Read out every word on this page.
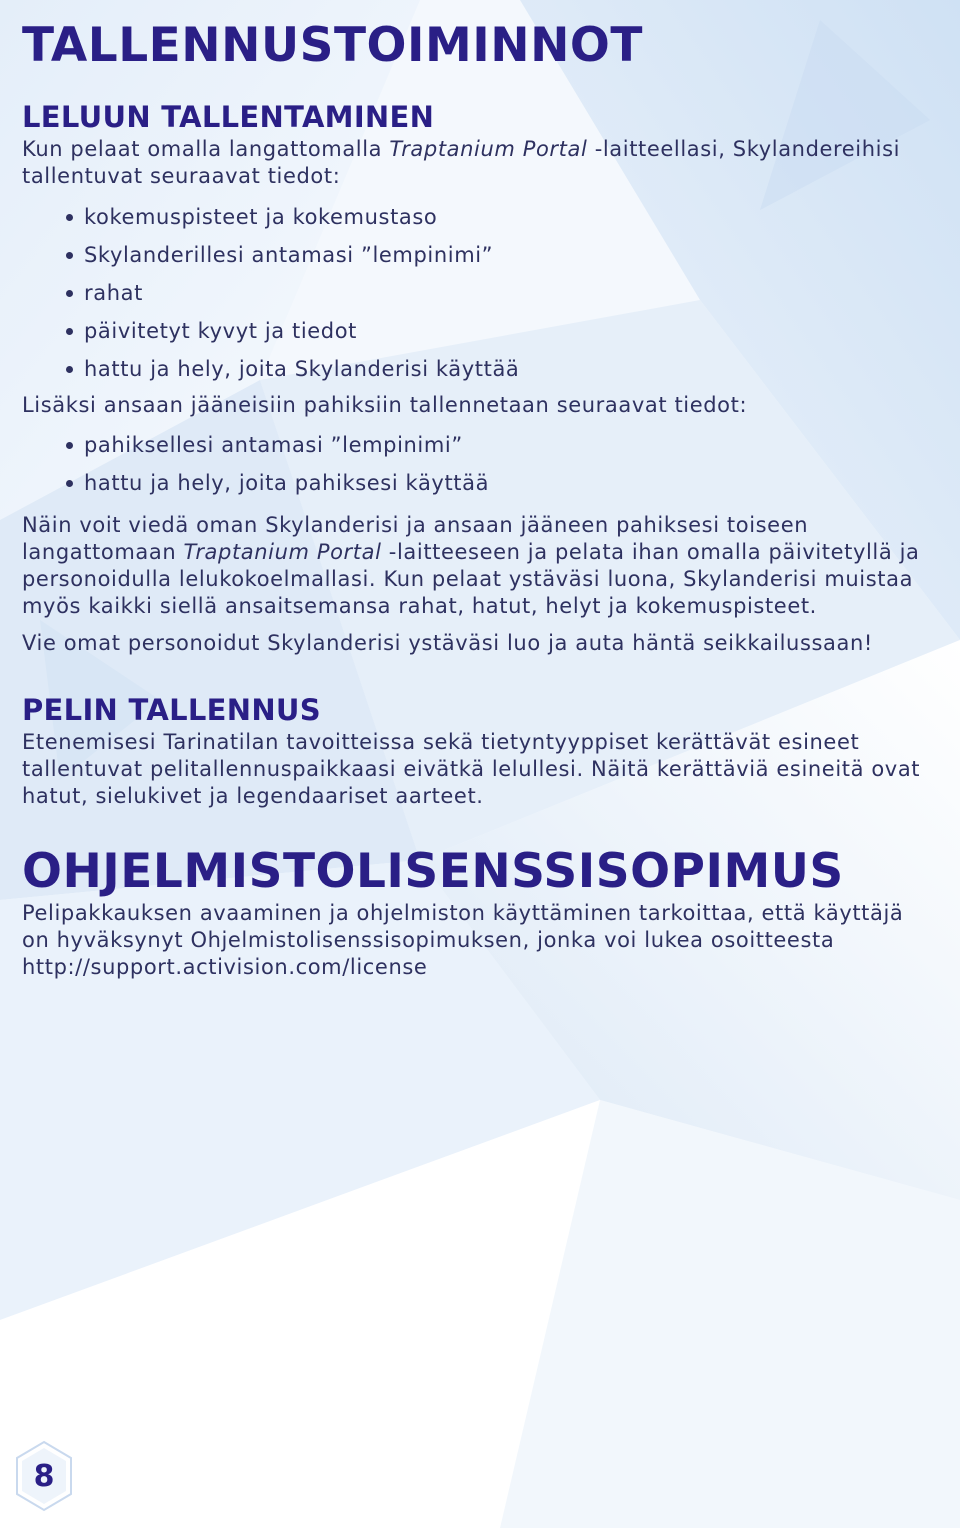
TALLENNUSTOIMINNOT
LELUUN TALLENTAMINEN

Kun pelaat omalla langattomalla Traptanium Portal -laitteellasi, Skylandereihisi tallentuvat seuraavat tiedot:

kokemuspisteet ja kokemustaso
Skylanderillesi antamasi ”lempinimi”
rahat
päivitetyt kyvyt ja tiedot
hattu ja hely, joita Skylanderisi käyttää

Lisäksi ansaan jääneisiin pahiksiin tallennetaan seuraavat tiedot:

pahiksellesi antamasi ”lempinimi”
hattu ja hely, joita pahiksesi käyttää

Näin voit viedä oman Skylanderisi ja ansaan jääneen pahiksesi toiseen langattomaan Traptanium Portal -laitteeseen ja pelata ihan omalla päivitetyllä ja personoidulla lelukokoelmallasi. Kun pelaat ystäväsi luona, Skylanderisi muistaa myös kaikki siellä ansaitsemansa rahat, hatut, helyt ja kokemuspisteet.

Vie omat personoidut Skylanderisi ystäväsi luo ja auta häntä seikkailussaan!

PELIN TALLENNUS

Etenemisesi Tarinatilan tavoitteissa sekä tietyntyyppiset kerättävät esineet tallentuvat pelitallennuspaikkaasi eivätkä lelullesi. Näitä kerättäviä esineitä ovat hatut, sielukivet ja legendaariset aarteet.

OHJELMISTOLISENSSISOPIMUS

Pelipakkauksen avaaminen ja ohjelmiston käyttäminen tarkoittaa, että käyttäjä on hyväksynyt Ohjelmistolisenssisopimuksen, jonka voi lukea osoitteesta http://support.activision.com/license

8
